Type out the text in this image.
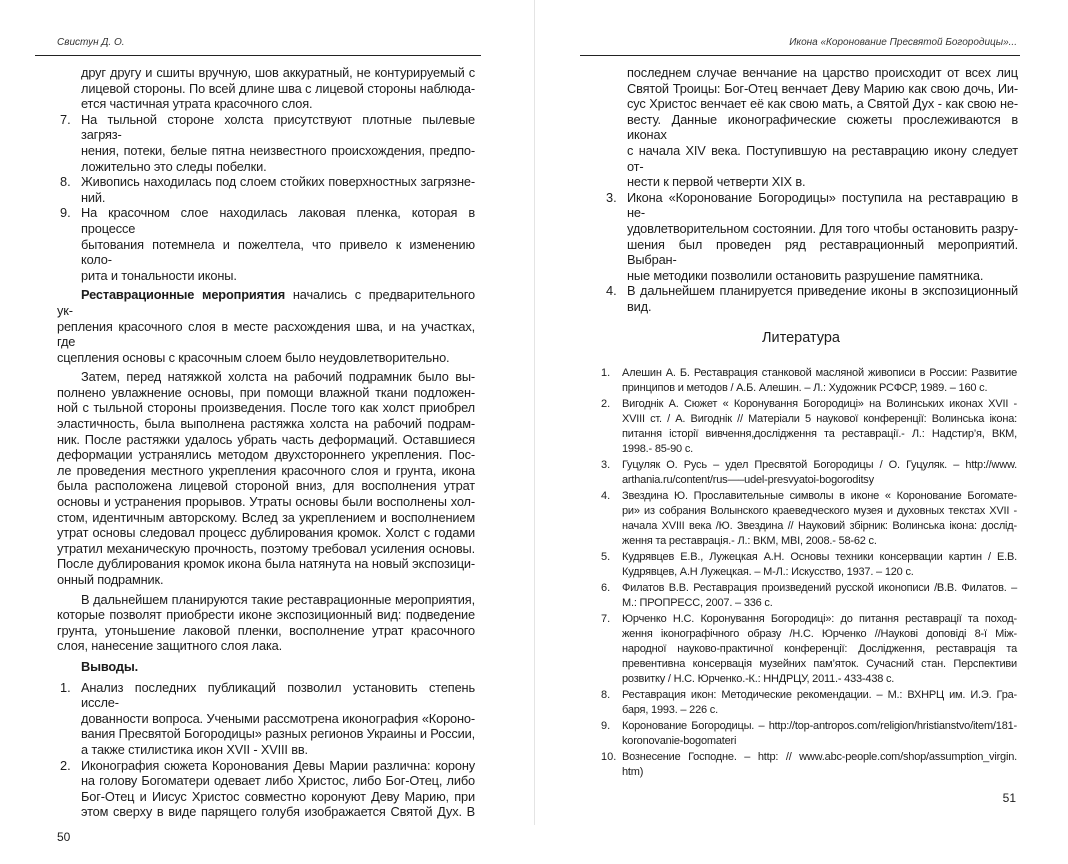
Свистун Д. О.
друг другу и сшиты вручную, шов аккуратный, не контурируемый с
лицевой стороны. По всей длине шва с лицевой стороны наблюда-
ется частичная утрата красочного слоя.
7. На тыльной стороне холста присутствуют плотные пылевые загряз-
нения, потеки, белые пятна неизвестного происхождения, предпо-
ложительно это следы побелки.
8. Живопись находилась под слоем стойких поверхностных загрязне-
ний.
9. На красочном слое находилась лаковая пленка, которая в процессе
бытования потемнела и пожелтела, что привело к изменению коло-
рита и тональности иконы.
Реставрационные мероприятия начались с предварительного ук-
репления красочного слоя в месте расхождения шва, и на участках, где
сцепления основы с красочным слоем было неудовлетворительно.
Затем, перед натяжкой холста на рабочий подрамник было вы-
полнено увлажнение основы, при помощи влажной ткани подложен-
ной с тыльной стороны произведения. После того как холст приобрел
эластичность, была выполнена растяжка холста на рабочий подрам-
ник. После растяжки удалось убрать часть деформаций. Оставшиеся
деформации устранялись методом двухстороннего укрепления. Пос-
ле проведения местного укрепления красочного слоя и грунта, икона
была расположена лицевой стороной вниз, для восполнения утрат
основы и устранения прорывов. Утраты основы были восполнены хол-
стом, идентичным авторскому. Вслед за укреплением и восполнением
утрат основы следовал процесс дублирования кромок. Холст с годами
утратил механическую прочность, поэтому требовал усиления основы.
После дублирования кромок икона была натянута на новый экспозици-
онный подрамник.
В дальнейшем планируются такие реставрационные мероприятия,
которые позволят приобрести иконе экспозиционный вид: подведение
грунта, утоньшение лаковой пленки, восполнение утрат красочного
слоя, нанесение защитного слоя лака.
Выводы.
1. Анализ последних публикаций позволил установить степень иссле-
дованности вопроса. Учеными рассмотрена иконография «Короно-
вания Пресвятой Богородицы» разных регионов Украины и России,
а также стилистика икон XVII - XVIII вв.
2. Иконография сюжета Коронования Девы Марии различна: корону
на голову Богоматери одевает либо Христос, либо Бог-Отец, либо
Бог-Отец и Иисус Христос совместно коронуют Деву Марию, при
этом сверху в виде парящего голубя изображается Святой Дух. В
50
Икона «Коронование Пресвятой Богородицы»...
последнем случае венчание на царство происходит от всех лиц
Святой Троицы: Бог-Отец венчает Деву Марию как свою дочь, Ии-
сус Христос венчает её как свою мать, а Святой Дух - как свою не-
весту. Данные иконографические сюжеты прослеживаются в иконах
с начала XIV века. Поступившую на реставрацию икону следует от-
нести к первой четверти XIX в.
3. Икона «Коронование Богородицы» поступила на реставрацию в не-
удовлетворительном состоянии. Для того чтобы остановить разру-
шения был проведен ряд реставрационный мероприятий. Выбран-
ные методики позволили остановить разрушение памятника.
4. В дальнейшем планируется приведение иконы в экспозиционный
вид.
Литература
1. Алешин А. Б. Реставрация станковой масляной живописи в России: Развитие
принципов и методов / А.Б. Алешин. – Л.: Художник РСФСР, 1989. – 160 с.
2. Вигоднік А. Сюжет « Коронування Богородиці» на Волинських иконах XVII -
XVIII ст. / А. Вигоднік // Матеріали 5 наукової конференції: Волинська ікона:
питання історії вивчення,дослідження та реставрації.- Л.: Надстир’я, ВКМ,
1998.- 85-90 с.
3. Гуцуляк О. Русь – удел Пресвятой Богородицы / О. Гуцуляк. – http://www.
arthania.ru/content/rus—–udel-presvyatoi-bogoroditsy
4. Звездина Ю. Прославительные символы в иконе « Коронование Богомате-
ри» из собрания Волынского краеведческого музея и духовных текстах XVII -
начала XVIII века /Ю. Звездина // Науковий збірник: Волинська ікона: дослід-
ження та реставрація.- Л.: ВКМ, МВІ, 2008.- 58-62 с.
5. Кудрявцев Е.В., Лужецкая А.Н. Основы техники консервации картин / Е.В.
Кудрявцев, А.Н Лужецкая. – М-Л.: Искусство, 1937. – 120 с.
6. Филатов В.В. Реставрация произведений русской иконописи /В.В. Филатов. –
М.: ПРОПРЕСС, 2007. – 336 с.
7. Юрченко Н.С. Коронування Богородиці»: до питання реставрації та поход-
ження іконографічного образу /Н.С. Юрченко //Наукові доповіді 8-ї Між-
народної науково-практичної конференції: Дослідження, реставрація та
превентивна консервація музейних пам’яток. Сучасний стан. Перспективи
розвитку / Н.С. Юрченко.-К.: ННДРЦУ, 2011.- 433-438 с.
8. Реставрация икон: Методические рекомендации. – М.: ВХНРЦ им. И.Э. Гра-
баря, 1993. – 226 с.
9. Коронование Богородицы. – http://top-antropos.com/religion/hristianstvo/item/181-
koronovanie-bogomateri
10. Вознесение Господне. – http: // www.abc-people.com/shop/assumption_virgin.
htm)
51
